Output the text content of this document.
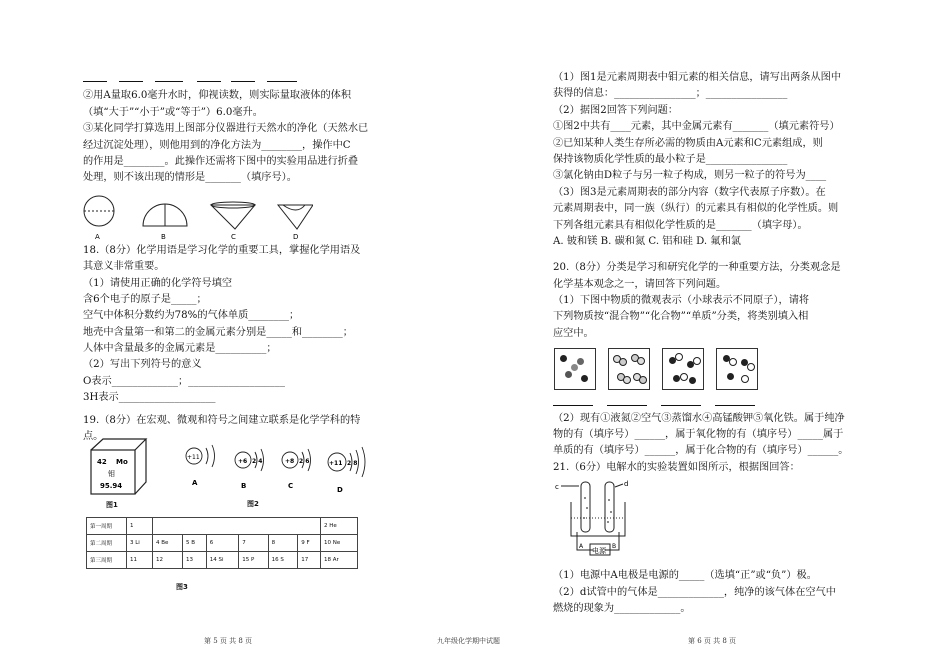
②用A量取6.0毫升水时，仰视读数，则实际量取液体的体积
（填“大于”“小于”或“等于”）6.0毫升。
③某化同学打算选用上图部分仪器进行天然水的净化（天然水已
经过沉淀处理），则他用到的净化方法为________，操作中C
的作用是________。此操作还需将下图中的实验用品进行折叠
处理，则不该出现的情形是_______（填序号）。
A	B	C	D
18.（8分）化学用语是学习化学的重要工具，掌握化学用语及
其意义非常重要。
（1）请使用正确的化学符号填空
含6个电子的原子是_____；
空气中体积分数约为78%的气体单质________；
地壳中含量第一和第二的金属元素分别是_____和________；
人体中含量最多的金属元素是__________；
（2）写出下列符号的意义
O表示_____________；___________________
3H表示___________________
19.（8分）在宏观、微观和符号之间建立联系是化学学科的特
点。
42 Mo
钼
95.94
+11
+6 2 4	+8 2 6	+11 2 8
A	B	C	D
图1	图2
第一周期	1							2 He
第二周期	3 Li	4 Be	5 B	6	7	8	9 F	10 Ne
第三周期	11	12	13	14 Si	15 P	16 S	17	18 Ar
图3
（1）图1是元素周期表中钼元素的相关信息，请写出两条从图中
获得的信息：________________；________________
（2）据图2回答下列问题：
①图2中共有____元素，其中金属元素有_______（填元素符号）
②已知某种人类生存所必需的物质由A元素和C元素组成，则
保持该物质化学性质的最小粒子是________________
③氯化钠由D粒子与另一粒子构成，则另一粒子的符号为____
（3）图3是元素周期表的部分内容（数字代表原子序数）。在
元素周期表中，同一族（纵行）的元素具有相似的化学性质。则
下列各组元素具有相似化学性质的是_______（填字母）。
A. 铍和镁 B. 碳和氮 C. 铝和硅 D. 氟和氯
20.（8分）分类是学习和研究化学的一种重要方法，分类观念是
化学基本观念之一，请回答下列问题。
（1）下图中物质的微观表示（小球表示不同原子），请将
下列物质按“混合物”“化合物”“单质”分类，将类别填入相
应空中。
（2）现有①液氮②空气③蒸馏水④高锰酸钾⑤氧化铁。属于纯净
物的有（填序号）______，属于氧化物的有（填序号）_____属于
单质的有（填序号）______，属于化合物的有（填序号）______。
21.（6分）电解水的实验装置如图所示，根据图回答：
c	d
A	B
电源
（1）电源中A电极是电源的_____（选填“正”或“负”）极。
（2）d试管中的气体是_____________，纯净的该气体在空气中
燃烧的现象为_____________。
第 5 页 共 8 页	九年级化学期中试题	第 6 页 共 8 页
